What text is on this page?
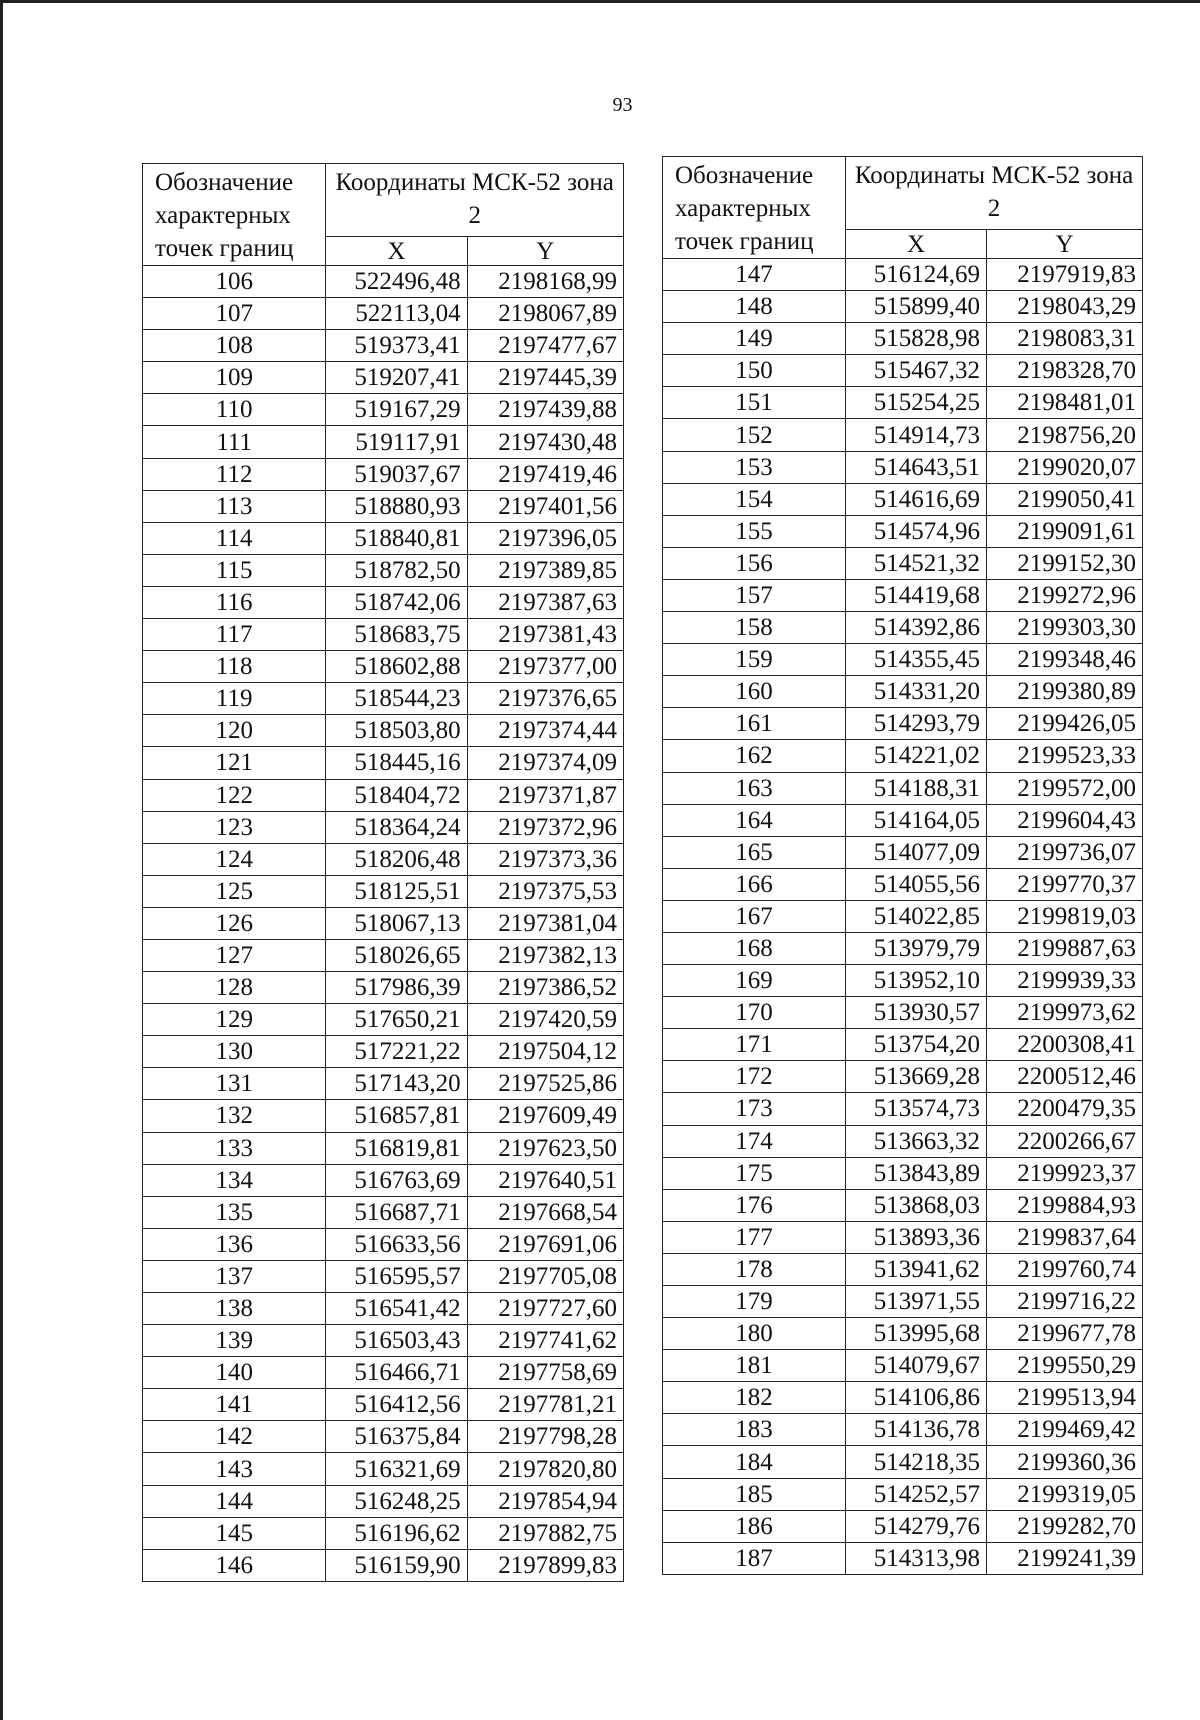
93
Обозначение характерных точек границ	Координаты МСК-52 зона 2	
	X	Y
106	522496,48	2198168,99
107	522113,04	2198067,89
108	519373,41	2197477,67
109	519207,41	2197445,39
110	519167,29	2197439,88
111	519117,91	2197430,48
112	519037,67	2197419,46
113	518880,93	2197401,56
114	518840,81	2197396,05
115	518782,50	2197389,85
116	518742,06	2197387,63
117	518683,75	2197381,43
118	518602,88	2197377,00
119	518544,23	2197376,65
120	518503,80	2197374,44
121	518445,16	2197374,09
122	518404,72	2197371,87
123	518364,24	2197372,96
124	518206,48	2197373,36
125	518125,51	2197375,53
126	518067,13	2197381,04
127	518026,65	2197382,13
128	517986,39	2197386,52
129	517650,21	2197420,59
130	517221,22	2197504,12
131	517143,20	2197525,86
132	516857,81	2197609,49
133	516819,81	2197623,50
134	516763,69	2197640,51
135	516687,71	2197668,54
136	516633,56	2197691,06
137	516595,57	2197705,08
138	516541,42	2197727,60
139	516503,43	2197741,62
140	516466,71	2197758,69
141	516412,56	2197781,21
142	516375,84	2197798,28
143	516321,69	2197820,80
144	516248,25	2197854,94
145	516196,62	2197882,75
146	516159,90	2197899,83
Обозначение характерных точек границ	Координаты МСК-52 зона 2	
	X	Y
147	516124,69	2197919,83
148	515899,40	2198043,29
149	515828,98	2198083,31
150	515467,32	2198328,70
151	515254,25	2198481,01
152	514914,73	2198756,20
153	514643,51	2199020,07
154	514616,69	2199050,41
155	514574,96	2199091,61
156	514521,32	2199152,30
157	514419,68	2199272,96
158	514392,86	2199303,30
159	514355,45	2199348,46
160	514331,20	2199380,89
161	514293,79	2199426,05
162	514221,02	2199523,33
163	514188,31	2199572,00
164	514164,05	2199604,43
165	514077,09	2199736,07
166	514055,56	2199770,37
167	514022,85	2199819,03
168	513979,79	2199887,63
169	513952,10	2199939,33
170	513930,57	2199973,62
171	513754,20	2200308,41
172	513669,28	2200512,46
173	513574,73	2200479,35
174	513663,32	2200266,67
175	513843,89	2199923,37
176	513868,03	2199884,93
177	513893,36	2199837,64
178	513941,62	2199760,74
179	513971,55	2199716,22
180	513995,68	2199677,78
181	514079,67	2199550,29
182	514106,86	2199513,94
183	514136,78	2199469,42
184	514218,35	2199360,36
185	514252,57	2199319,05
186	514279,76	2199282,70
187	514313,98	2199241,39
